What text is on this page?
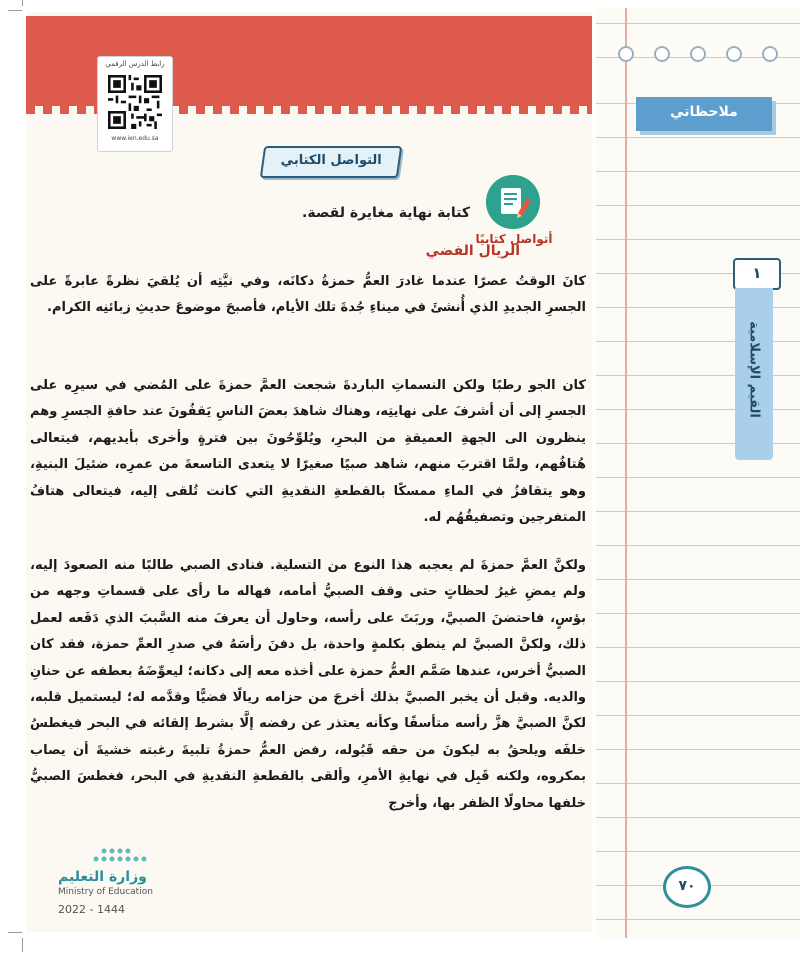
رابط الدرس الرقمي
www.ien.edu.sa
التواصل الكتابي
أتواصل كتابيًا
كتابة نهاية مغايرة لقصة.
الريال الفضي
كانَ الوقتُ عصرًا عندما غادرَ العمُّ حمزةُ دكانَه، وفي نيَّتِه أن يُلقيَ نظرةً عابرةً على الجسرِ الجديدِ الذي أُنشئَ في ميناءِ جُدةَ تلك الأيام، فأصبحَ موضوعَ حديثِ زبائنِه الكرام.
كان الجو رطبًا ولكن النسماتِ الباردةَ شجعت العمَّ حمزةَ على المُضي في سيرِه على الجسرِ إلى أن أشرفَ على نهايتِه، وهناك شاهدَ بعضَ الناسِ يَقفُونَ عند حافةِ الجسرِ وهم ينظرون الى الجهةِ العميقةِ من البحرِ، ويُلوِّحُونَ بين فترةٍ وأخرى بأيديهم، فيتعالى هُتافُهم، ولمَّا اقتربَ منهم، شاهد صبيًا صغيرًا لا يتعدى التاسعةَ من عمرِه، ضئيلَ البنيةِ، وهو يتقافزُ في الماءِ ممسكًا بالقطعةِ النقديةِ التي كانت تُلقى إليه، فيتعالى هتافُ المتفرجين وتصفيقُهُم له.
ولكنَّ العمَّ حمزةَ لم يعجبه هذا النوع من التسلية. فنادى الصبي طالبًا منه الصعودَ إليه، ولم يمضِ غيرُ لحظاتٍ حتى وقف الصبيُّ أمامه، فهاله ما رأى على قسماتِ وجهه من بؤسٍ، فاحتضنَ الصبيَّ، وربَتَ على رأسه، وحاول أن يعرفَ منه السَّببَ الذي دَفَعه لعمل ذلك، ولكنَّ الصبيَّ لم ينطق بكلمةٍ واحدة، بل دفنَ رأسَهُ في صدرِ العمِّ حمزة، فقد كان الصبيُّ أخرس، عندها صَمَّم العمُّ حمزة على أخذه معه إلى دكانه؛ ليعوِّضَهُ بعطفه عن حنانِ والديه. وقبل أن يخبر الصبيَّ بذلك أخرجَ من حزامه ريالًا فضيًّا وقدَّمه له؛ ليستميل قلبه، لكنَّ الصبيَّ هزَّ رأسه متأسفًا وكأنه يعتذر عن رفضه إلَّا بشرط إلقائه في البحر فيغطسُ خلفَه ويلحقُ به ليكونَ من حقه قَبُوله، رفض العمُّ حمزةُ تلبيةَ رغبته خشيةَ أن يصاب بمكروه، ولكنه قَبِل في نهايةِ الأمرِ، وألقى بالقطعةِ النقديةِ في البحر، فغطسَ الصبيُّ خلفها محاولًا الظفر بها، وأخرج
وزارة التعليم
Ministry of Education
2022 - 1444
ملاحظاتي
١
القيم الإسلامية
٧٠
